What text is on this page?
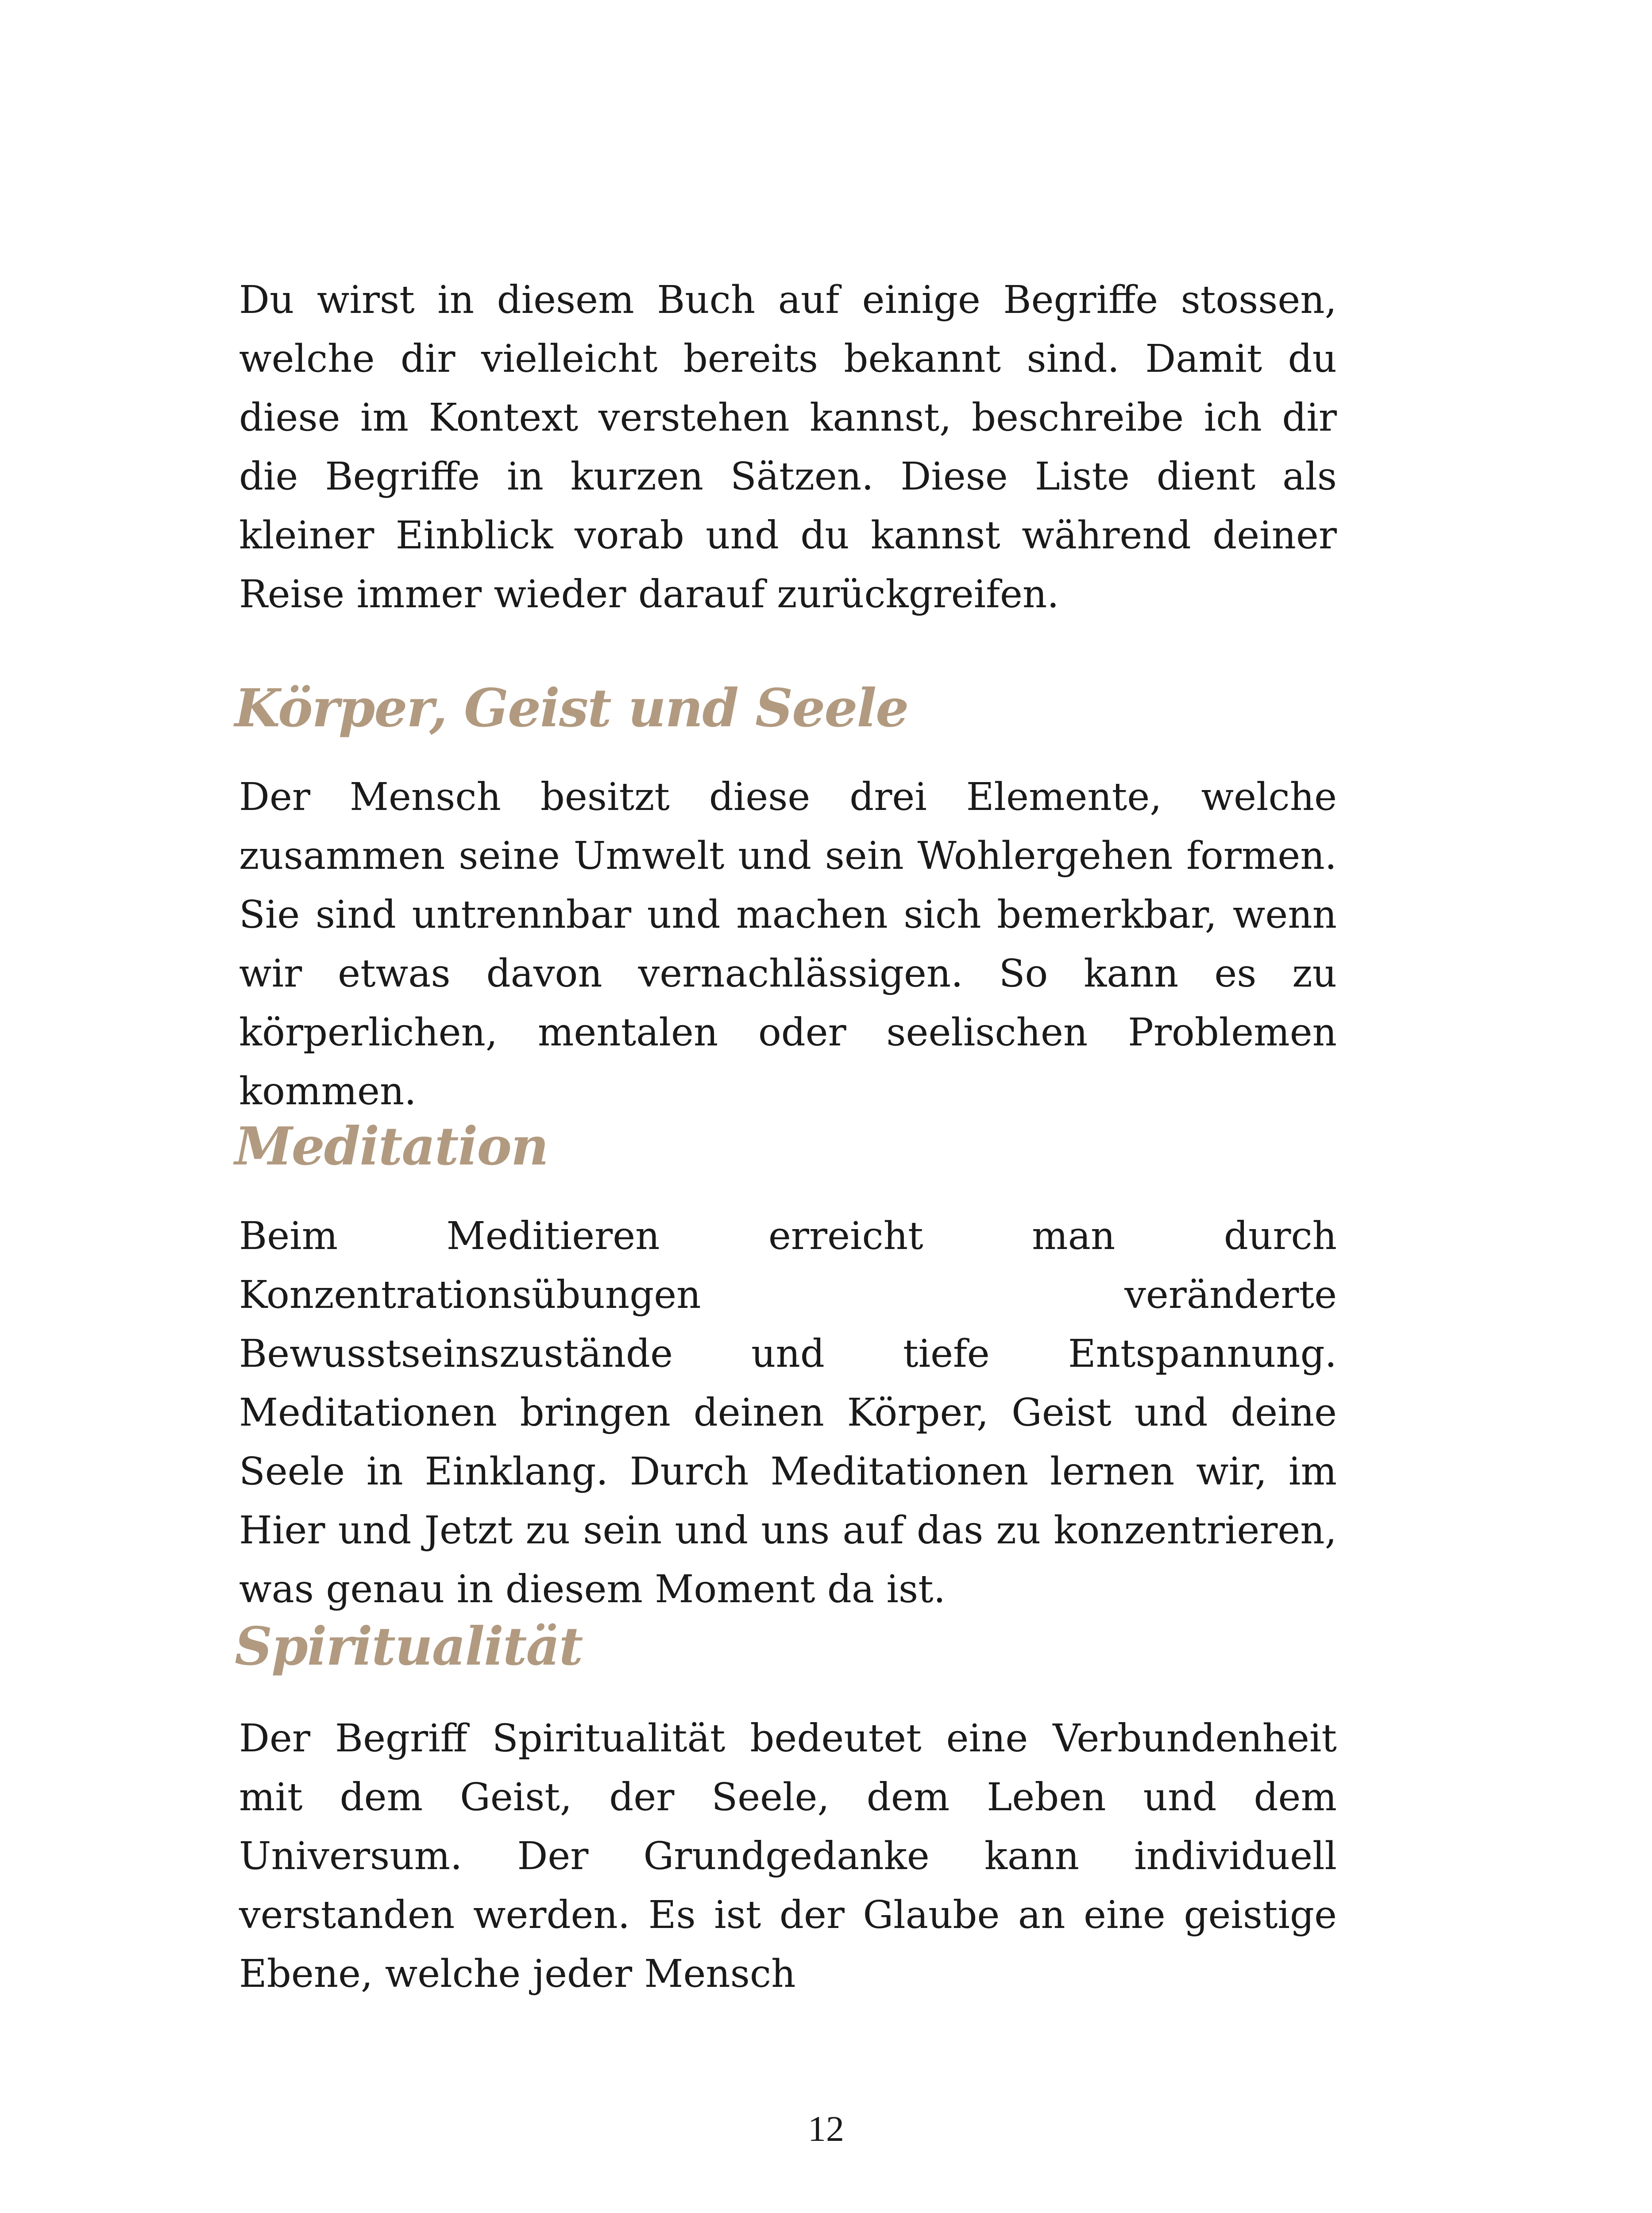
Du wirst in diesem Buch auf einige Begriffe stossen, welche dir vielleicht bereits bekannt sind. Damit du diese im Kontext verstehen kannst, beschreibe ich dir die Begriffe in kurzen Sätzen. Diese Liste dient als kleiner Einblick vorab und du kannst während deiner Reise immer wieder darauf zurückgreifen.

Körper, Geist und Seele

Der Mensch besitzt diese drei Elemente, welche zusammen seine Umwelt und sein Wohlergehen formen. Sie sind untrennbar und machen sich bemerkbar, wenn wir etwas davon vernachlässigen. So kann es zu körperlichen, mentalen oder seelischen Problemen kommen.

Meditation

Beim Meditieren erreicht man durch Konzentrationsübungen veränderte Bewusstseinszustände und tiefe Entspannung. Meditationen bringen deinen Körper, Geist und deine Seele in Einklang. Durch Meditationen lernen wir, im Hier und Jetzt zu sein und uns auf das zu konzentrieren, was genau in diesem Moment da ist.

Spiritualität

Der Begriff Spiritualität bedeutet eine Verbundenheit mit dem Geist, der Seele, dem Leben und dem Universum. Der Grundgedanke kann individuell verstanden werden. Es ist der Glaube an eine geistige Ebene, welche jeder Mensch

12
